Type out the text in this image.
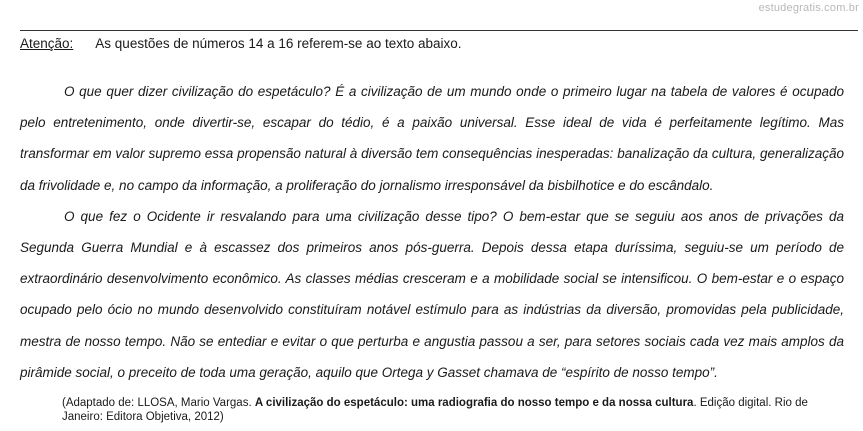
estudegratis.com.br
Atenção: As questões de números 14 a 16 referem-se ao texto abaixo.

O que quer dizer civilização do espetáculo? É a civilização de um mundo onde o primeiro lugar na tabela de valores é ocupado pelo entretenimento, onde divertir-se, escapar do tédio, é a paixão universal. Esse ideal de vida é perfeitamente legítimo. Mas transformar em valor supremo essa propensão natural à diversão tem consequências inesperadas: banalização da cultura, generalização da frivolidade e, no campo da informação, a proliferação do jornalismo irresponsável da bisbilhotice e do escândalo.

O que fez o Ocidente ir resvalando para uma civilização desse tipo? O bem-estar que se seguiu aos anos de privações da Segunda Guerra Mundial e à escassez dos primeiros anos pós-guerra. Depois dessa etapa duríssima, seguiu-se um período de extraordinário desenvolvimento econômico. As classes médias cresceram e a mobilidade social se intensificou. O bem-estar e o espaço ocupado pelo ócio no mundo desenvolvido constituíram notável estímulo para as indústrias da diversão, promovidas pela publicidade, mestra de nosso tempo. Não se entediar e evitar o que perturba e angustia passou a ser, para setores sociais cada vez mais amplos da pirâmide social, o preceito de toda uma geração, aquilo que Ortega y Gasset chamava de “espírito de nosso tempo”.

(Adaptado de: LLOSA, Mario Vargas. A civilização do espetáculo: uma radiografia do nosso tempo e da nossa cultura. Edição digital. Rio de Janeiro: Editora Objetiva, 2012)
